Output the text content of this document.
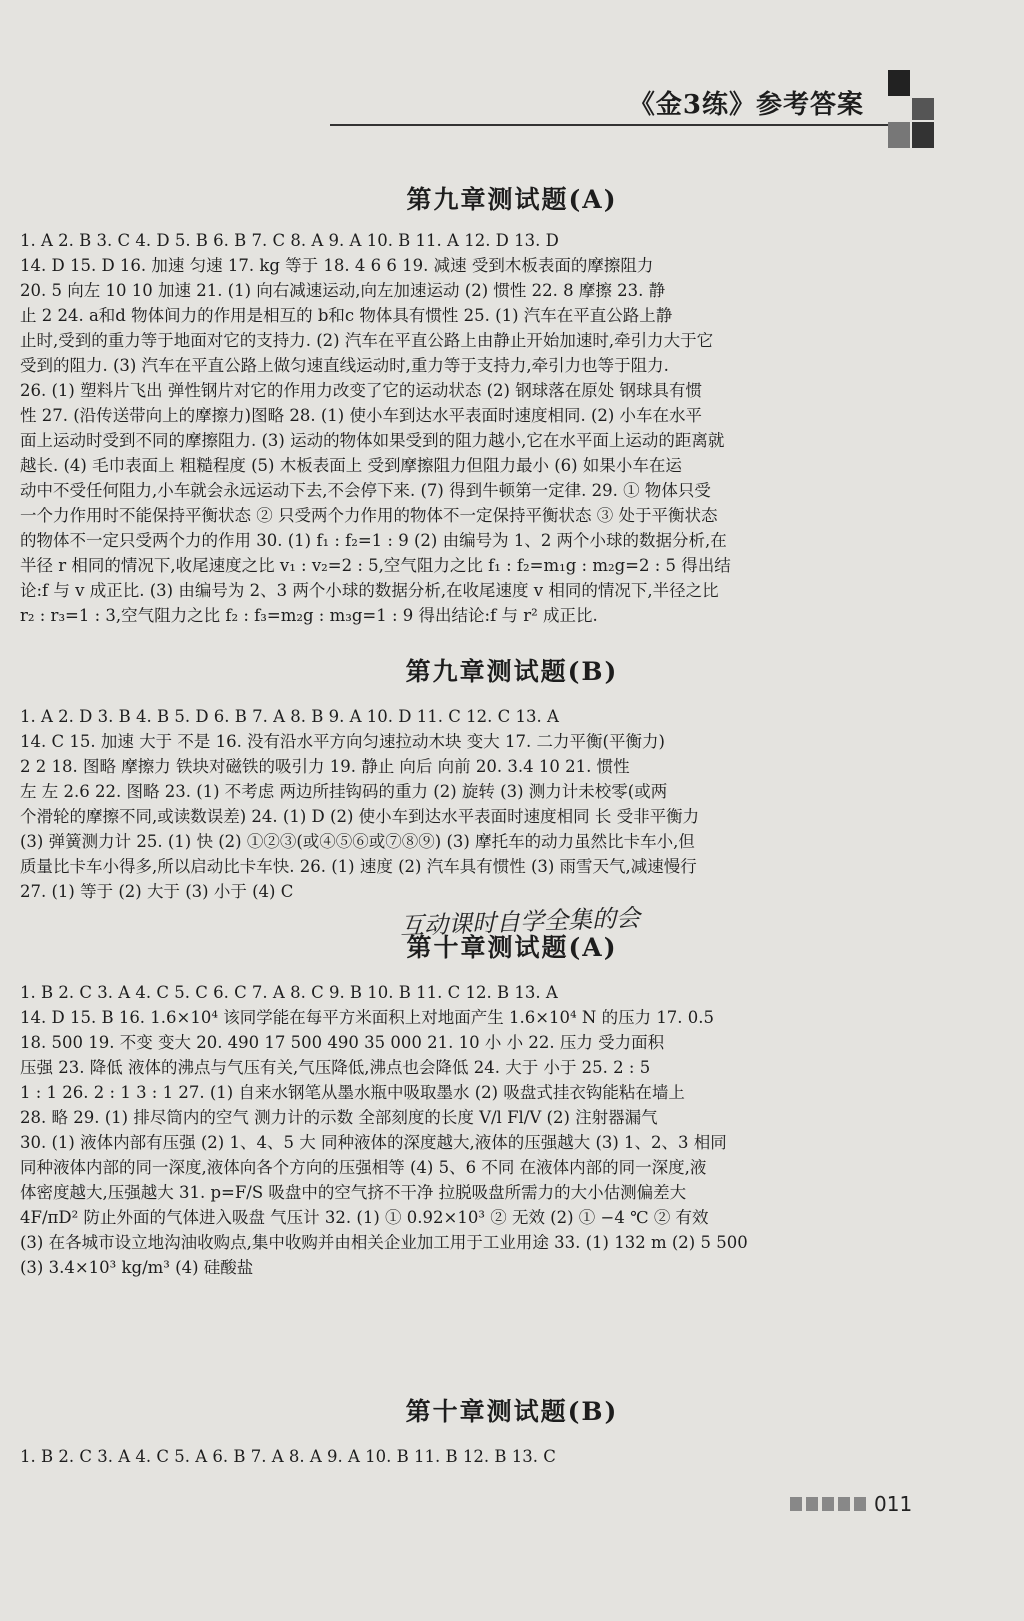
《金3练》参考答案
第九章测试题(A)
1. A 2. B 3. C 4. D 5. B 6. B 7. C 8. A 9. A 10. B 11. A 12. D 13. D
14. D 15. D 16. 加速 匀速 17. kg 等于 18. 4 6 6 19. 减速 受到木板表面的摩擦阻力
20. 5 向左 10 10 加速 21. (1) 向右减速运动,向左加速运动 (2) 惯性 22. 8 摩擦 23. 静
止 2 24. a和d 物体间力的作用是相互的 b和c 物体具有惯性 25. (1) 汽车在平直公路上静
止时,受到的重力等于地面对它的支持力. (2) 汽车在平直公路上由静止开始加速时,牵引力大于它
受到的阻力. (3) 汽车在平直公路上做匀速直线运动时,重力等于支持力,牵引力也等于阻力.
26. (1) 塑料片飞出 弹性钢片对它的作用力改变了它的运动状态 (2) 钢球落在原处 钢球具有惯
性 27. (沿传送带向上的摩擦力)图略 28. (1) 使小车到达水平表面时速度相同. (2) 小车在水平
面上运动时受到不同的摩擦阻力. (3) 运动的物体如果受到的阻力越小,它在水平面上运动的距离就
越长. (4) 毛巾表面上 粗糙程度 (5) 木板表面上 受到摩擦阻力但阻力最小 (6) 如果小车在运
动中不受任何阻力,小车就会永远运动下去,不会停下来. (7) 得到牛顿第一定律. 29. ① 物体只受
一个力作用时不能保持平衡状态 ② 只受两个力作用的物体不一定保持平衡状态 ③ 处于平衡状态
的物体不一定只受两个力的作用 30. (1) f₁ : f₂=1 : 9 (2) 由编号为 1、2 两个小球的数据分析,在
半径 r 相同的情况下,收尾速度之比 v₁ : v₂=2 : 5,空气阻力之比 f₁ : f₂=m₁g : m₂g=2 : 5 得出结
论:f 与 v 成正比. (3) 由编号为 2、3 两个小球的数据分析,在收尾速度 v 相同的情况下,半径之比
r₂ : r₃=1 : 3,空气阻力之比 f₂ : f₃=m₂g : m₃g=1 : 9 得出结论:f 与 r² 成正比.
第九章测试题(B)
1. A 2. D 3. B 4. B 5. D 6. B 7. A 8. B 9. A 10. D 11. C 12. C 13. A
14. C 15. 加速 大于 不是 16. 没有沿水平方向匀速拉动木块 变大 17. 二力平衡(平衡力)
2 2 18. 图略 摩擦力 铁块对磁铁的吸引力 19. 静止 向后 向前 20. 3.4 10 21. 惯性
左 左 2.6 22. 图略 23. (1) 不考虑 两边所挂钩码的重力 (2) 旋转 (3) 测力计未校零(或两
个滑轮的摩擦不同,或读数误差) 24. (1) D (2) 使小车到达水平表面时速度相同 长 受非平衡力
(3) 弹簧测力计 25. (1) 快 (2) ①②③(或④⑤⑥或⑦⑧⑨) (3) 摩托车的动力虽然比卡车小,但
质量比卡车小得多,所以启动比卡车快. 26. (1) 速度 (2) 汽车具有惯性 (3) 雨雪天气,减速慢行
27. (1) 等于 (2) 大于 (3) 小于 (4) C
互动课时自学全集的会
第十章测试题(A)
1. B 2. C 3. A 4. C 5. C 6. C 7. A 8. C 9. B 10. B 11. C 12. B 13. A
14. D 15. B 16. 1.6×10⁴ 该同学能在每平方米面积上对地面产生 1.6×10⁴ N 的压力 17. 0.5
18. 500 19. 不变 变大 20. 490 17 500 490 35 000 21. 10 小 小 22. 压力 受力面积
压强 23. 降低 液体的沸点与气压有关,气压降低,沸点也会降低 24. 大于 小于 25. 2 : 5
1 : 1 26. 2 : 1 3 : 1 27. (1) 自来水钢笔从墨水瓶中吸取墨水 (2) 吸盘式挂衣钩能粘在墙上
28. 略 29. (1) 排尽筒内的空气 测力计的示数 全部刻度的长度 V/l Fl/V (2) 注射器漏气
30. (1) 液体内部有压强 (2) 1、4、5 大 同种液体的深度越大,液体的压强越大 (3) 1、2、3 相同
同种液体内部的同一深度,液体向各个方向的压强相等 (4) 5、6 不同 在液体内部的同一深度,液
体密度越大,压强越大 31. p=F/S 吸盘中的空气挤不干净 拉脱吸盘所需力的大小估测偏差大
4F/πD² 防止外面的气体进入吸盘 气压计 32. (1) ① 0.92×10³ ② 无效 (2) ① −4 ℃ ② 有效
(3) 在各城市设立地沟油收购点,集中收购并由相关企业加工用于工业用途 33. (1) 132 m (2) 5 500
(3) 3.4×10³ kg/m³ (4) 硅酸盐
第十章测试题(B)
1. B 2. C 3. A 4. C 5. A 6. B 7. A 8. A 9. A 10. B 11. B 12. B 13. C
011
